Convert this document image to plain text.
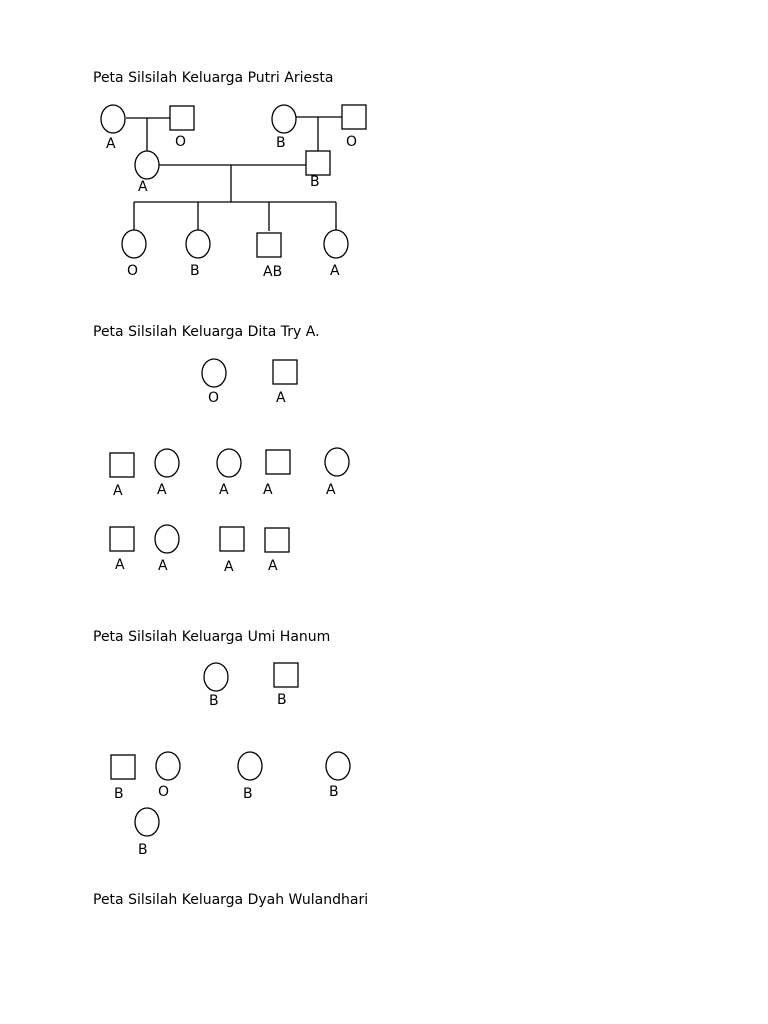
Peta Silsilah Keluarga Putri Ariesta
Peta Silsilah Keluarga Dita Try A.
Peta Silsilah Keluarga Umi Hanum
Peta Silsilah Keluarga Dyah Wulandhari
A	O	B	O
A	B
O	B	AB	A
O	A
A A	A A	A
A A	A A
B	B
B O	B	B
B
